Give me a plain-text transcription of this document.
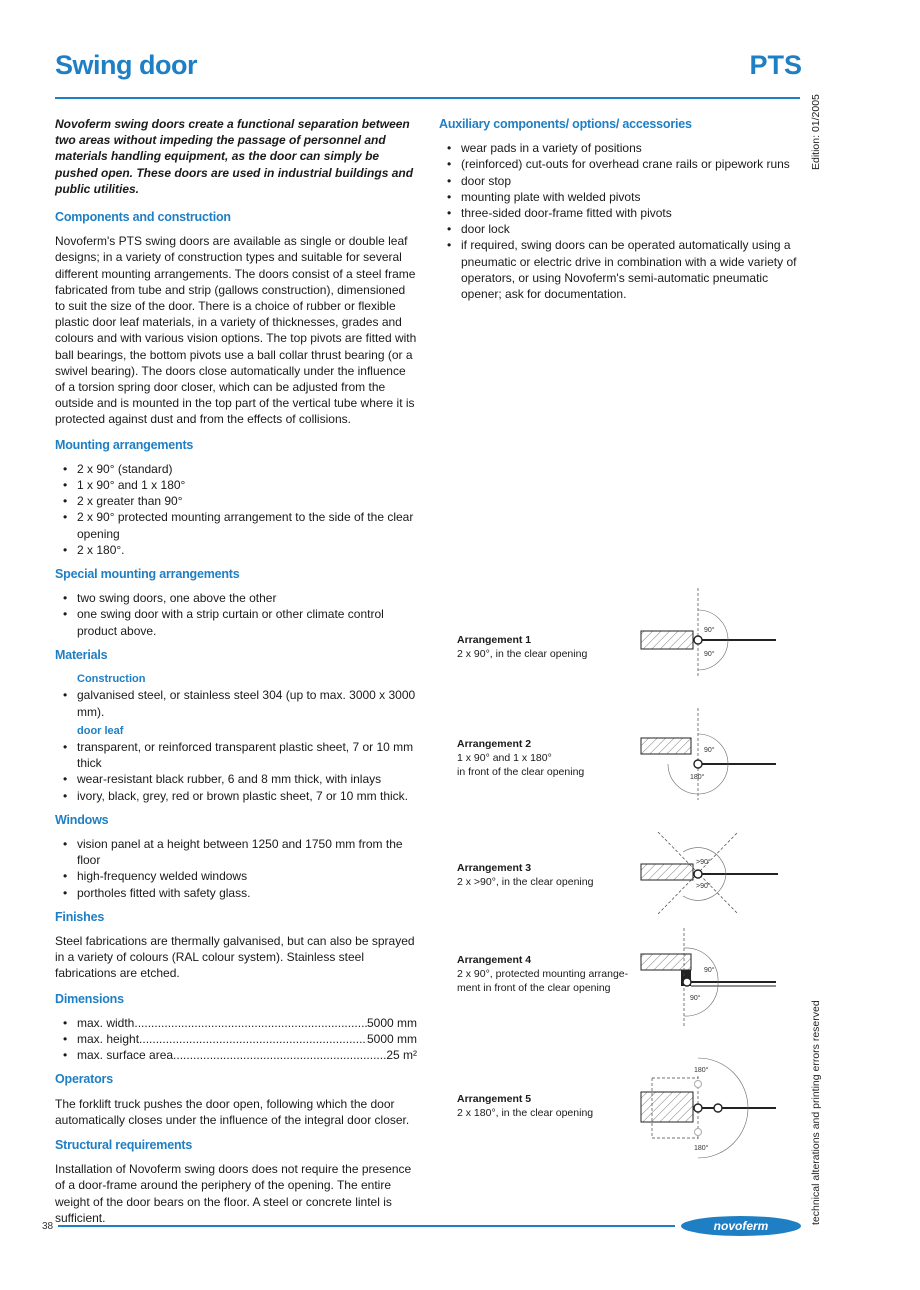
Swing door	PTS
Edition: 01/2005

Novoferm swing doors create a functional separation between two areas without impeding the passage of personnel and materials handling equipment, as the door can simply be pushed open. These doors are used in industrial buildings and public utilities.

Components and construction

Novoferm's PTS swing doors are available as single or double leaf designs; in a variety of construction types and suitable for several different mounting arrangements. The doors consist of a steel frame fabricated from tube and strip (gallows construction), dimensioned to suit the size of the door. There is a choice of rubber or flexible plastic door leaf materials, in a variety of thicknesses, grades and colours and with various vision options. The top pivots are fitted with ball bearings, the bottom pivots use a ball collar thrust bearing (or a swivel bearing). The doors close automatically under the influence of a torsion spring door closer, which can be adjusted from the outside and is mounted in the top part of the vertical tube where it is protected against dust and from the effects of collisions.

Mounting arrangements
• 2 x 90° (standard)
• 1 x 90° and 1 x 180°
• 2 x greater than 90°
• 2 x 90° protected mounting arrangement to the side of the clear opening
• 2 x 180°.
Special mounting arrangements
• two swing doors, one above the other
• one swing door with a strip curtain or other climate control product above.
Materials
Construction
• galvanised steel, or stainless steel 304 (up to max. 3000 x 3000 mm).
door leaf
• transparent, or reinforced transparent plastic sheet, 7 or 10 mm thick
• wear-resistant black rubber, 6 and 8 mm thick, with inlays
• ivory, black, grey, red or brown plastic sheet, 7 or 10 mm thick.
Windows
• vision panel at a height between 1250 and 1750 mm from the floor
• high-frequency welded windows
• portholes fitted with safety glass.
Finishes

Steel fabrications are thermally galvanised, but can also be sprayed in a variety of colours (RAL colour system). Stainless steel fabrications are etched.

Dimensions
• max. width .....	5000 mm
• max. height .....	5000 mm
• max. surface area .....	25 m²
Operators

The forklift truck pushes the door open, following which the door automatically closes under the influence of the integral door closer.

Structural requirements

Installation of Novoferm swing doors does not require the presence of a door-frame around the periphery of the opening. The entire weight of the door bears on the floor. A steel or concrete lintel is sufficient.

Auxiliary components/ options/ accessories
• wear pads in a variety of positions
• (reinforced) cut-outs for overhead crane rails or pipework runs
• door stop
• mounting plate with welded pivots
• three-sided door-frame fitted with pivots
• door lock
• if required, swing doors can be operated automatically using a pneumatic or electric drive in combination with a wide variety of operators, or using Novoferm's semi-automatic pneumatic opener; ask for documentation.
Arrangement 1
2 x 90°, in the clear opening
Arrangement 2
1 x 90° and 1 x 180°
in front of the clear opening
Arrangement 3
2 x >90°, in the clear opening
Arrangement 4
2 x 90°, protected mounting arrange-
ment in front of the clear opening
Arrangement 5
2 x 180°, in the clear opening
90°
90°
90°
180°
>90°
>90°
90°
90°
180°
180°	technical alterations and printing errors reserved
38	novoferm
